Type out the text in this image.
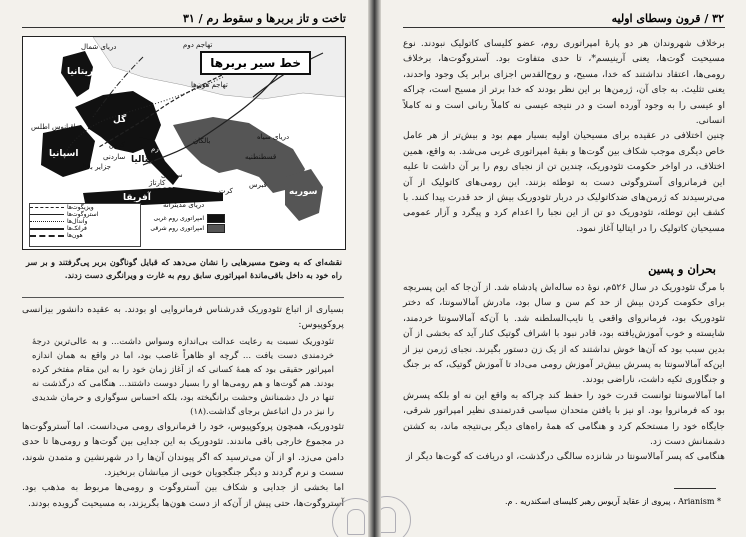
تاخت و تاز بربرها و سقوط رم / ۳۱
خط سیر بربرها
بریتانیا
دریای شمال
گل
اقیانوس اطلس
اسپانیا
ایتالیا
رم
بالکان	دریای سیاه
سوریه
آفریقا
کارتاژ
دریای مدیترانه
کرت
قبرس
قسطنطنیه
تهاجم هون‌ها
تهاجم دوم
کرس
ساردنی
جزایر بالئار
سیسیل
ویزیگوت‌ها
استروگوت‌ها
واندال‌ها
فرانک‌ها
هون‌ها
امپراتوری روم غربی
امپراتوری روم شرقی
نقشه‌ای که به وضوح مسیرهایی را نشان می‌دهد که قبایل گوناگون بربر پی‌گرفتند و بر سر راه خود به داخل باقی‌ماندهٔ امپراتوری سابق روم به غارت و ویرانگری دست زدند.

بسیاری از اتباع تئودوریک قدرشناس فرمانروایی او بودند. به عقیده دانشور بیزانسی پروکوپیوس:

تئودوریک نسبت به رعایت عدالت بی‌اندازه وسواس داشت... و به عالی‌ترین درجهٔ خردمندی دست یافت ... گرچه او ظاهراً غاصب بود، اما در واقع به همان اندازه امپراتور حقیقی بود که همهٔ کسانی که از آغاز زمان خود را به این مقام مفتخر کرده بودند. هم گوت‌ها و هم رومی‌ها او را بسیار دوست داشتند... هنگامی که درگذشت نه تنها در دل دشمنانش وحشت برانگیخته بود، بلکه احساس سوگواری و حرمان شدیدی را نیز در دل اتباعش برجای گذاشت.(۱۸)

تئودوریک، همچون پروکوپیوس، خود را فرمانروای رومی می‌دانست. اما آستروگوت‌ها در مجموع خارجی باقی ماندند. تئودوریک به این جدایی بین گوت‌ها و رومی‌ها تا حدی دامن می‌زد. او از آن می‌ترسید که اگر پیوندان آن‌ها را در شهرنشین و متمدن شوند، سست و نرم گردند و دیگر جنگجویان خوبی از میانشان برنخیزد.

اما بخشی از جدایی و شکاف بین آستروگوت و رومی‌ها مربوط به مذهب بود. آستروگوت‌ها، حتی پیش از آن‌که از دست هون‌ها بگریزند، به مسیحیت گرویده بودند.

۳۲ / قرون وسطای اولیه

برخلاف شهروندان هر دو پارهٔ امپراتوری روم، عضو کلیسای کاتولیک نبودند. نوع مسیحیت گوت‌ها، یعنی آرینیسم*، تا حدی متفاوت بود. آستروگوت‌ها، برخلاف رومی‌ها، اعتقاد نداشتند که خدا، مسیح، و روح‌القدس اجزای برابر یک وجود واحدند، یعنی تثلیث. به جای آن، ژرمن‌ها بر این نظر بودند که خدا برتر از مسیح است، چراکه او عیسی را به وجود آورده است و در نتیجه عیسی نه کاملاً ربانی است و نه کاملاً انسانی.

چنین اختلافی در عقیده برای مسیحیان اولیه بسیار مهم بود و بیش‌تر از هر عامل خاص دیگری موجب شکاف بین گوت‌ها و بقیهٔ امپراتوری غربی می‌شد. به واقع، همین اختلاف، در اواخر حکومت تئودوریک، چندین تن از نجبای روم را بر آن داشت تا علیه این فرمانروای آستروگوتی دست به توطئه بزنند. این رومی‌های کاتولیک از آن می‌ترسیدند که ژرمن‌های ضدکاتولیک در دربار تئودوریک بیش از حد قدرت پیدا کنند. با کشف این توطئه، تئودوریک دو تن از این نجبا را اعدام کرد و پیگرد و آزار عمومی مسیحیان کاتولیک را در ایتالیا آغاز نمود.

بحران و پسین

با مرگ تئودوریک در سال ۵۲۶م، نوهٔ ده ساله‌اش پادشاه شد. از آن‌جا که این پسربچه برای حکومت کردن بیش از حد کم سن و سال بود، مادرش آمالاسونتا، که دختر تئودوریک بود، فرمانروای واقعی یا نایب‌السلطنه شد. با آن‌که آمالاسونتا خردمند، شایسته و خوب آموزش‌یافته بود، قادر نبود با اشراف گوتیک کنار آید که بخشی از آن بدین سبب بود که آن‌ها خوش نداشتند که از یک زن دستور بگیرند. نجبای ژرمن نیز از این‌که آمالاسونتا به پسرش بیش‌تر آموزش رومی می‌داد تا آموزش گوتیک، که بر جنگ و جنگاوری تکیه داشت، ناراضی بودند.

اما آمالاسونتا توانست قدرت خود را حفظ کند چراکه به واقع این نه او بلکه پسرش بود که فرمانروا بود. او نیز با یافتن متحدان سیاسی قدرتمندی نظیر امپراتور شرقی، جایگاه خود را مستحکم کرد و هنگامی که همهٔ راه‌های دیگر بی‌نتیجه ماند، به کشتن دشمنانش دست زد.

هنگامی که پسر آمالاسونتا در شانزده سالگی درگذشت، او دریافت که گوت‌ها دیگر از

* Arianism ، پیروی از عقاید آریوس رهبر کلیسای اسکندریه . م.
